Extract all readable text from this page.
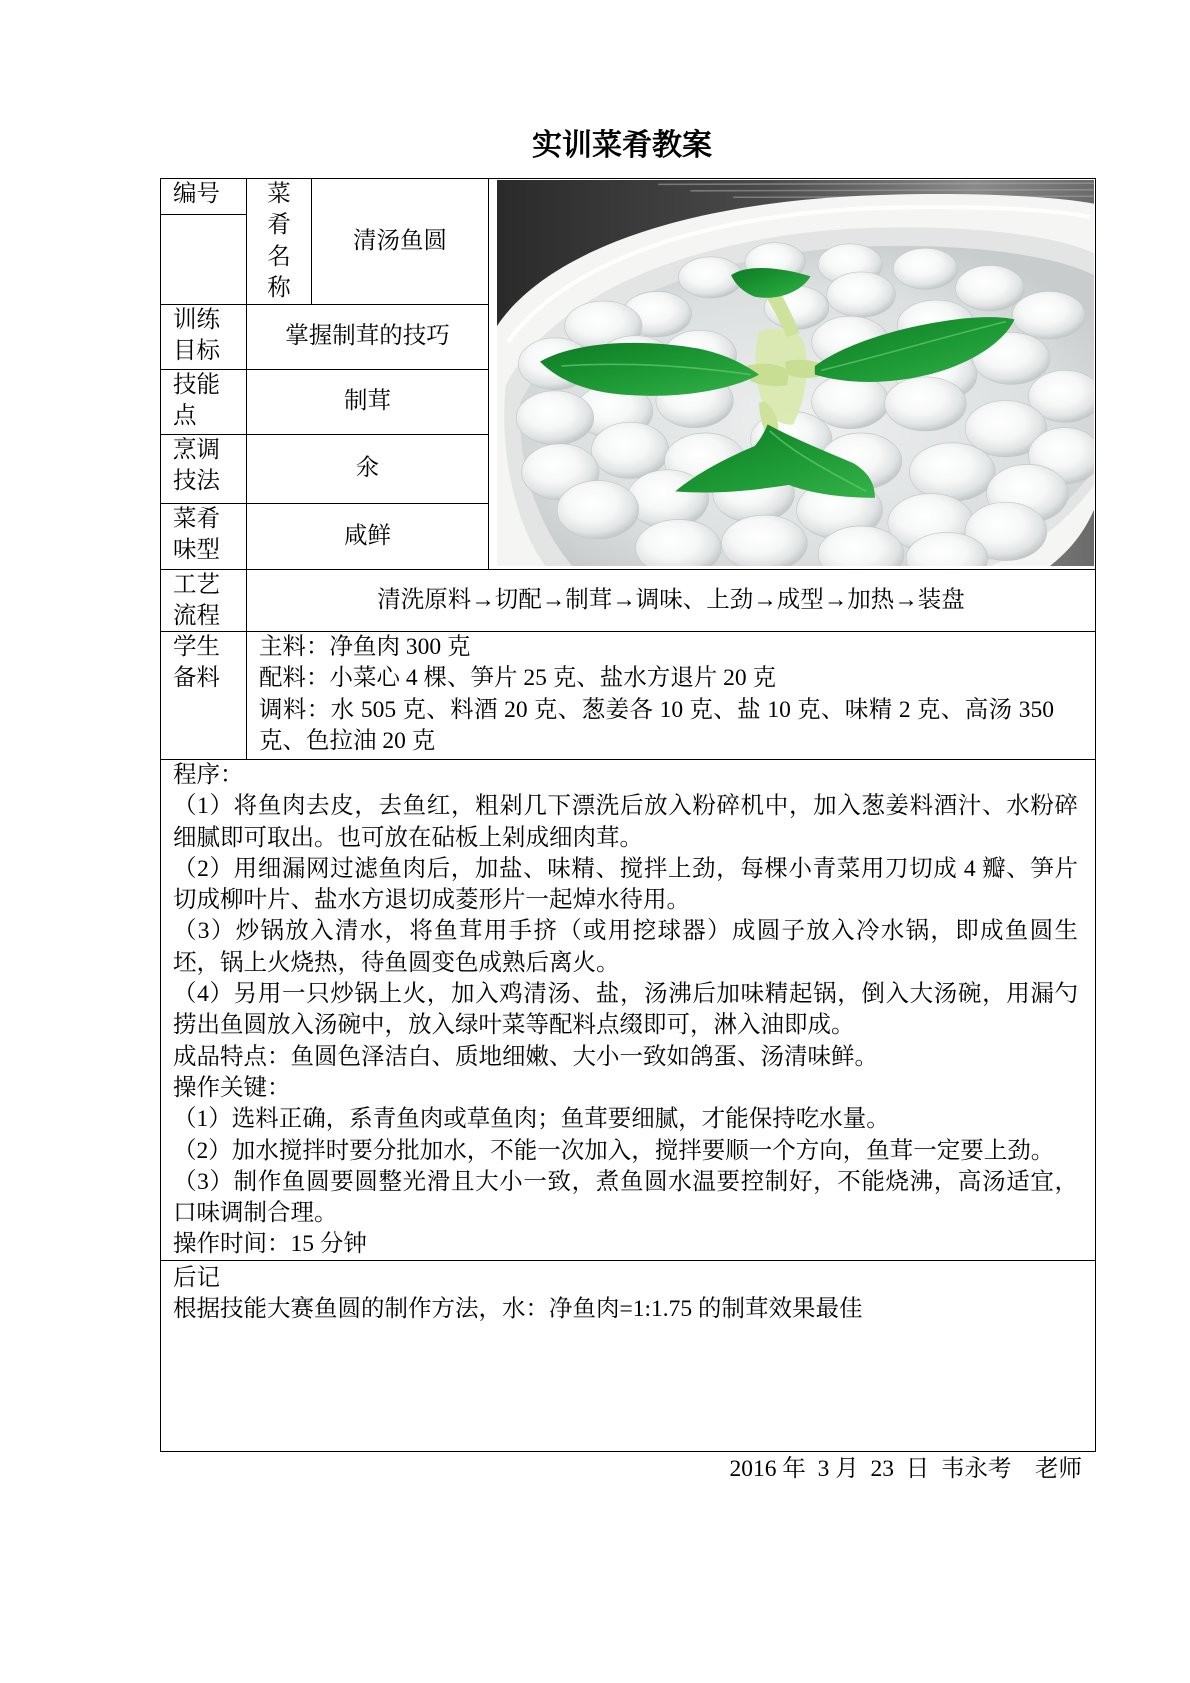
实训菜肴教案
编号	菜肴名称
清汤鱼圆
训练目标
掌握制茸的技巧
技能点
制茸
烹调技法	氽
菜肴味型
咸鲜
工艺流程
清洗原料→切配→制茸→调味、上劲→成型→加热→装盘
学生备料
主料：净鱼肉 300 克
配料：小菜心 4 棵、笋片 25 克、盐水方退片 20 克
调料：水 505 克、料酒 20 克、葱姜各 10 克、盐 10 克、味精 2 克、高汤 350
克、色拉油 20 克
程序：
（1）将鱼肉去皮，去鱼红，粗剁几下漂洗后放入粉碎机中，加入葱姜料酒汁、水粉碎
细腻即可取出。也可放在砧板上剁成细肉茸。
（2）用细漏网过滤鱼肉后，加盐、味精、搅拌上劲，每棵小青菜用刀切成 4 瓣、笋片
切成柳叶片、盐水方退切成菱形片一起焯水待用。
（3）炒锅放入清水，将鱼茸用手挤（或用挖球器）成圆子放入冷水锅，即成鱼圆生
坯，锅上火烧热，待鱼圆变色成熟后离火。
（4）另用一只炒锅上火，加入鸡清汤、盐，汤沸后加味精起锅，倒入大汤碗，用漏勺
捞出鱼圆放入汤碗中，放入绿叶菜等配料点缀即可，淋入油即成。
成品特点：鱼圆色泽洁白、质地细嫩、大小一致如鸽蛋、汤清味鲜。
操作关键：
（1）选料正确，系青鱼肉或草鱼肉；鱼茸要细腻，才能保持吃水量。
（2）加水搅拌时要分批加水，不能一次加入，搅拌要顺一个方向，鱼茸一定要上劲。
（3）制作鱼圆要圆整光滑且大小一致，煮鱼圆水温要控制好，不能烧沸，高汤适宜，
口味调制合理。
操作时间：15 分钟
后记
根据技能大赛鱼圆的制作方法，水：净鱼肉=1:1.75 的制茸效果最佳
2016 年  3 月  23  日  韦永考    老师
